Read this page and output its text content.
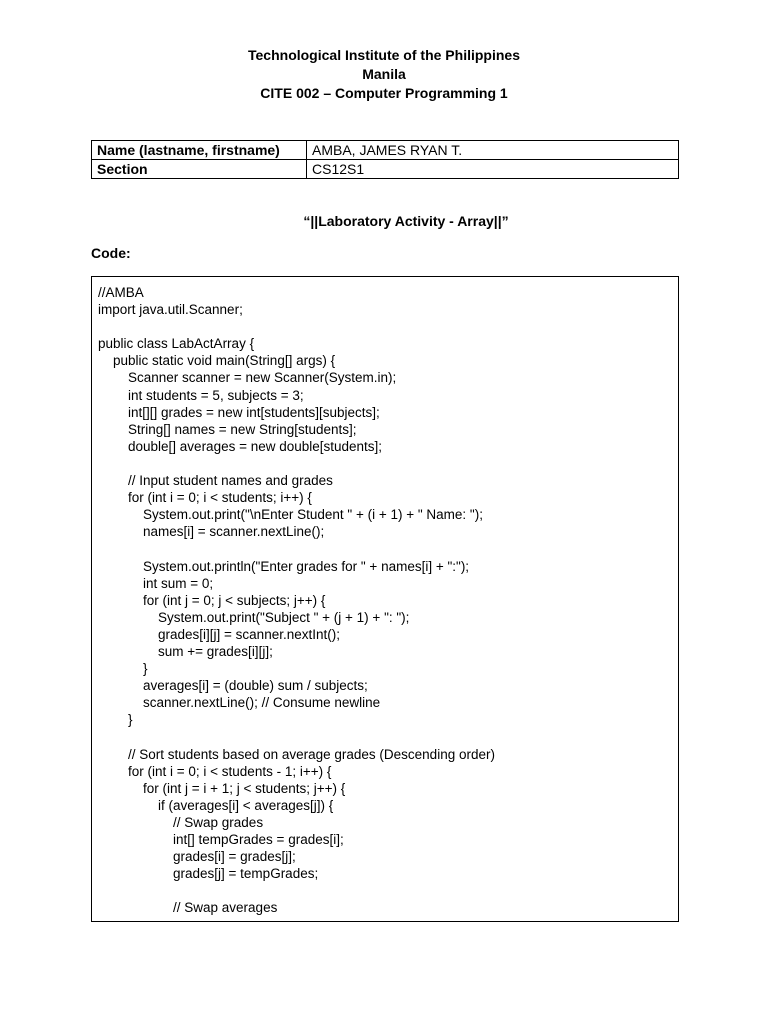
Technological Institute of the Philippines
Manila
CITE 002 – Computer Programming 1
Name (lastname, firstname)	AMBA, JAMES RYAN T.
Section	CS12S1
“||Laboratory Activity - Array||”
Code:
//AMBA
import java.util.Scanner;
public class LabActArray {
public static void main(String[] args) {
Scanner scanner = new Scanner(System.in);
int students = 5, subjects = 3;
int[][] grades = new int[students][subjects];
String[] names = new String[students];
double[] averages = new double[students];
// Input student names and grades
for (int i = 0; i < students; i++) {
System.out.print("\nEnter Student " + (i + 1) + " Name: ");
names[i] = scanner.nextLine();
System.out.println("Enter grades for " + names[i] + ":");
int sum = 0;
for (int j = 0; j < subjects; j++) {
System.out.print("Subject " + (j + 1) + ": ");
grades[i][j] = scanner.nextInt();
sum += grades[i][j];
}
averages[i] = (double) sum / subjects;
scanner.nextLine(); // Consume newline
}
// Sort students based on average grades (Descending order)
for (int i = 0; i < students - 1; i++) {
for (int j = i + 1; j < students; j++) {
if (averages[i] < averages[j]) {
// Swap grades
int[] tempGrades = grades[i];
grades[i] = grades[j];
grades[j] = tempGrades;
// Swap averages
